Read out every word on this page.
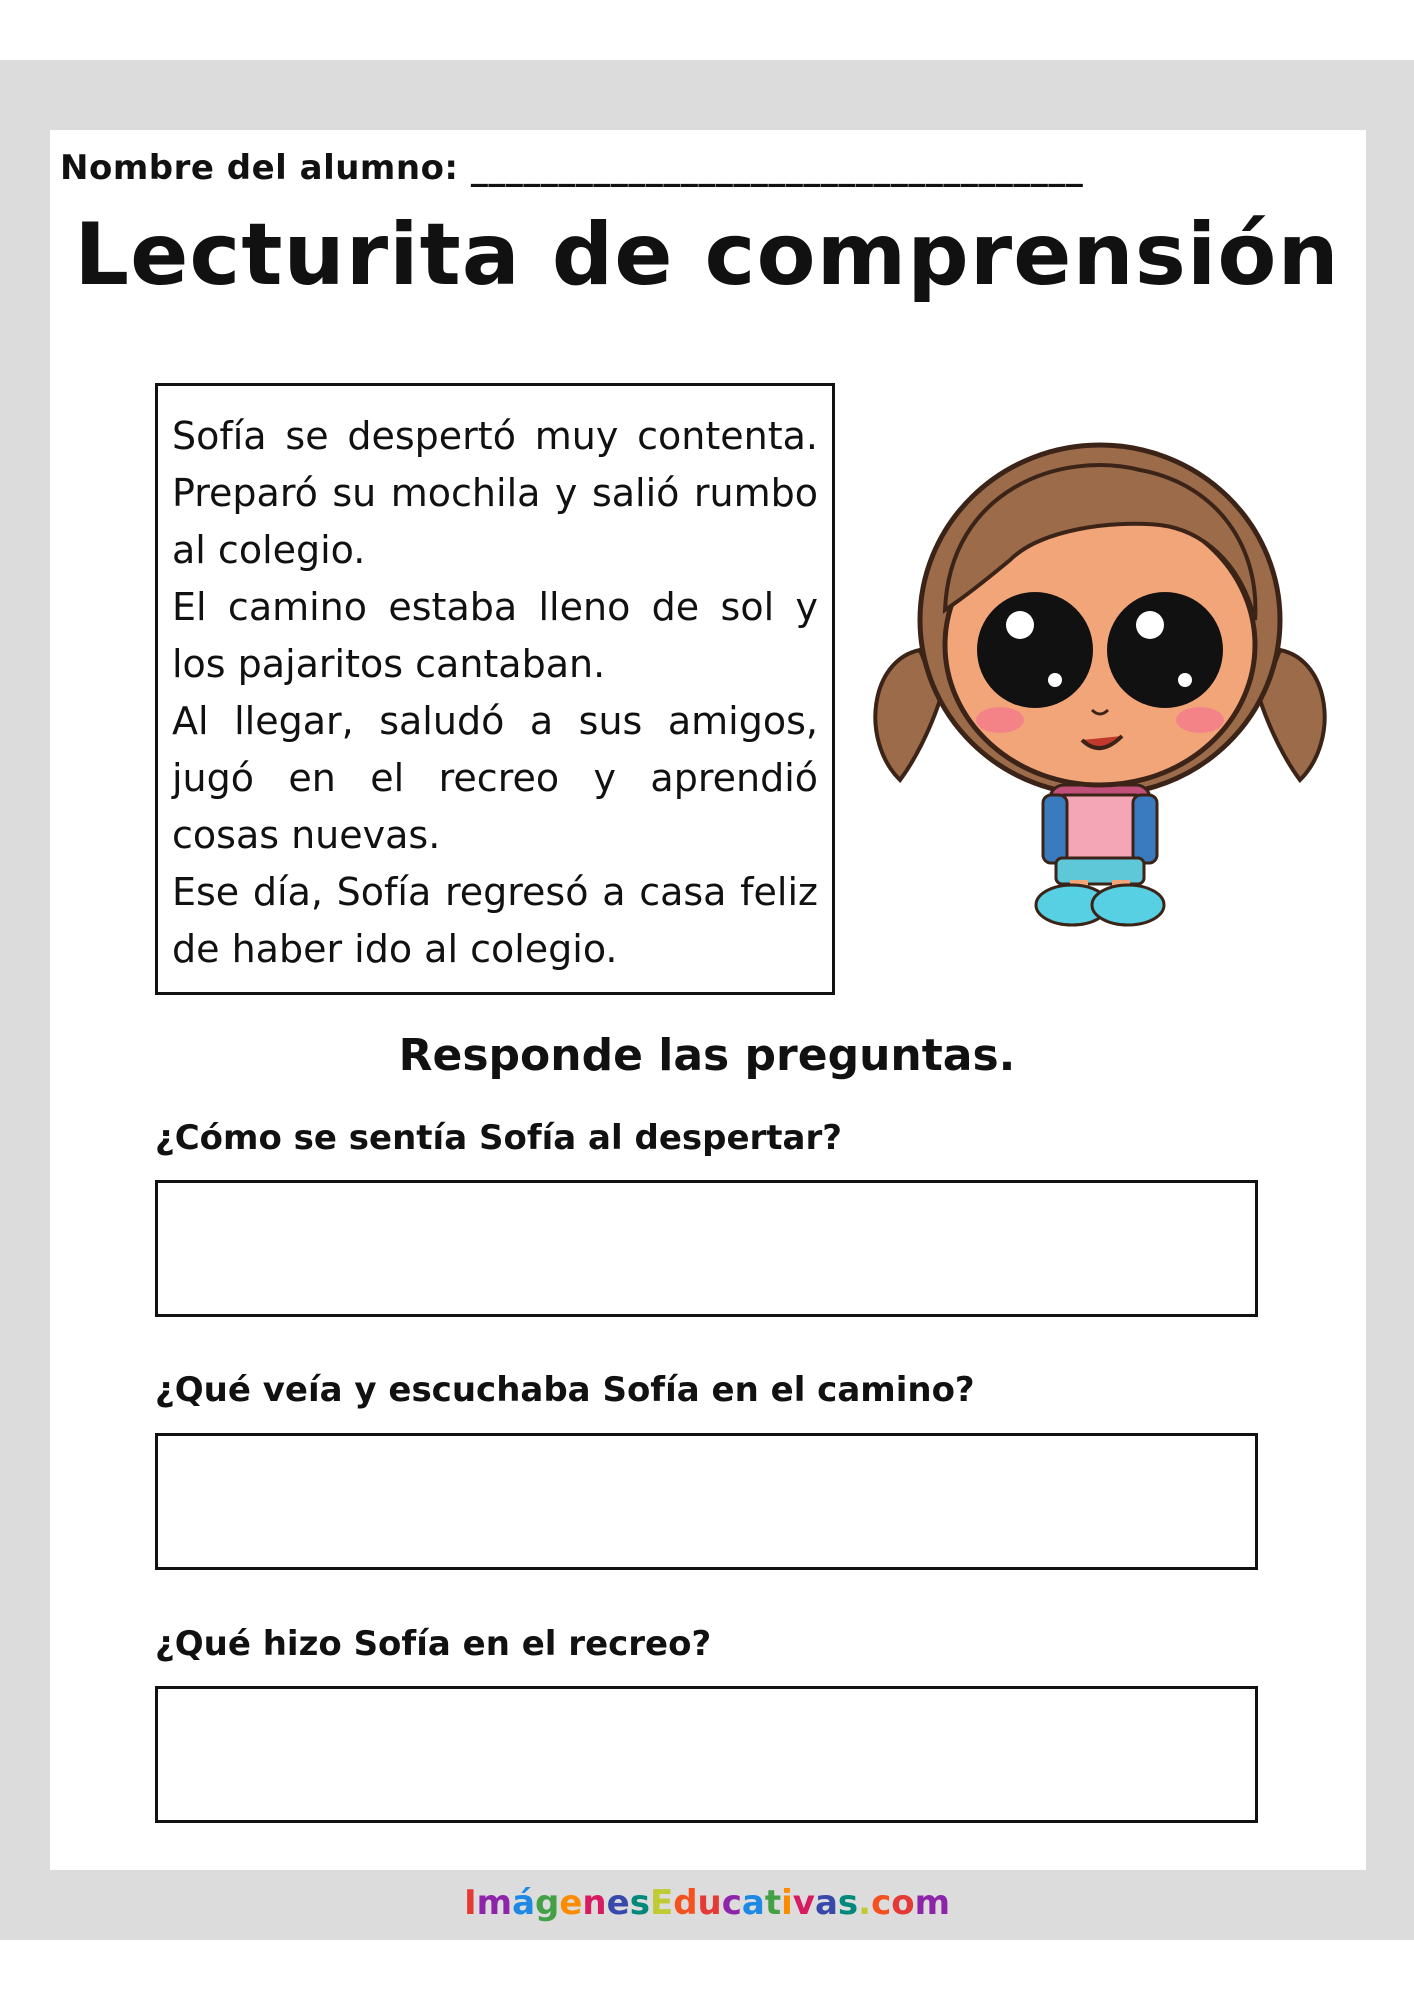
Nombre del alumno: ___________________________________
Lecturita de comprensión

Sofía se despertó muy contenta. Preparó su mochila y salió rumbo al colegio.

El camino estaba lleno de sol y los pajaritos cantaban.

Al llegar, saludó a sus amigos, jugó en el recreo y aprendió cosas nuevas.

Ese día, Sofía regresó a casa feliz de haber ido al colegio.

Responde las preguntas.
¿Cómo se sentía Sofía al despertar?
¿Qué veía y escuchaba Sofía en el camino?
¿Qué hizo Sofía en el recreo?
ImágenesEducativas.com
